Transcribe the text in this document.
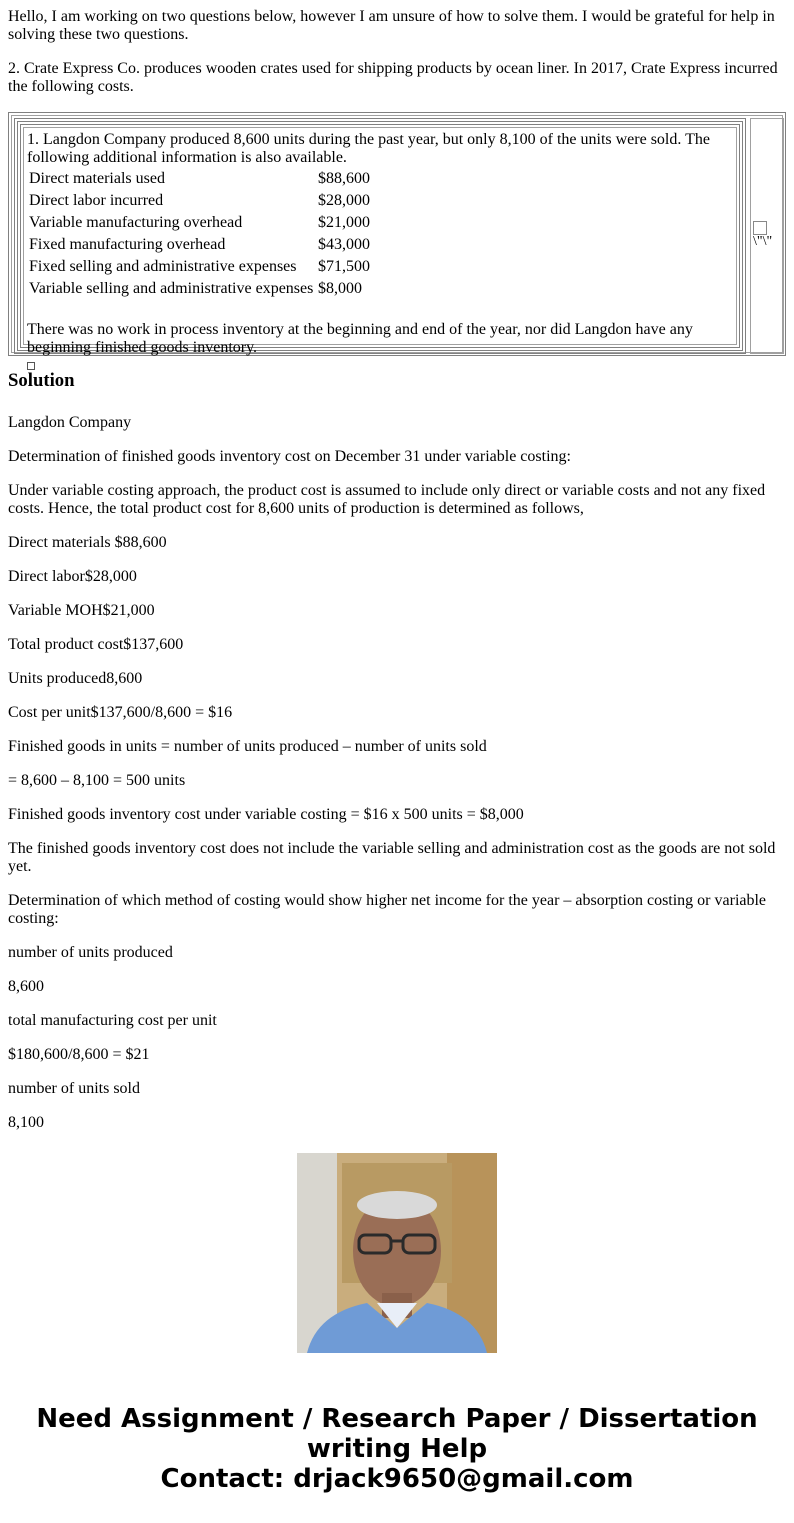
Hello, I am working on two questions below, however I am unsure of how to solve them. I would be grateful for help in solving these two questions.

2. Crate Express Co. produces wooden crates used for shipping products by ocean liner. In 2017, Crate Express incurred the following costs.

1. Langdon Company produced 8,600 units during the past year, but only 8,100 of the units were sold. The following additional information is also available.
Direct materials used	$88,600
Direct labor incurred	$28,000
Variable manufacturing overhead	$21,000
Fixed manufacturing overhead	$43,000
Fixed selling and administrative expenses	$71,500
Variable selling and administrative expenses	$8,000
There was no work in process inventory at the beginning and end of the year, nor did Langdon have any beginning finished goods inventory.

\"\"
Solution

Langdon Company

Determination of finished goods inventory cost on December 31 under variable costing:

Under variable costing approach, the product cost is assumed to include only direct or variable costs and not any fixed costs. Hence, the total product cost for 8,600 units of production is determined as follows,

Direct materials $88,600

Direct labor$28,000

Variable MOH$21,000

Total product cost$137,600

Units produced8,600

Cost per unit$137,600/8,600 = $16

Finished goods in units = number of units produced – number of units sold

= 8,600 – 8,100 = 500 units

Finished goods inventory cost under variable costing = $16 x 500 units = $8,000

The finished goods inventory cost does not include the variable selling and administration cost as the goods are not sold yet.

Determination of which method of costing would show higher net income for the year – absorption costing or variable costing:

number of units produced

8,600

total manufacturing cost per unit

$180,600/8,600 = $21

number of units sold

8,100

Need Assignment / Research Paper / Dissertation
writing Help
Contact: drjack9650@gmail.com
